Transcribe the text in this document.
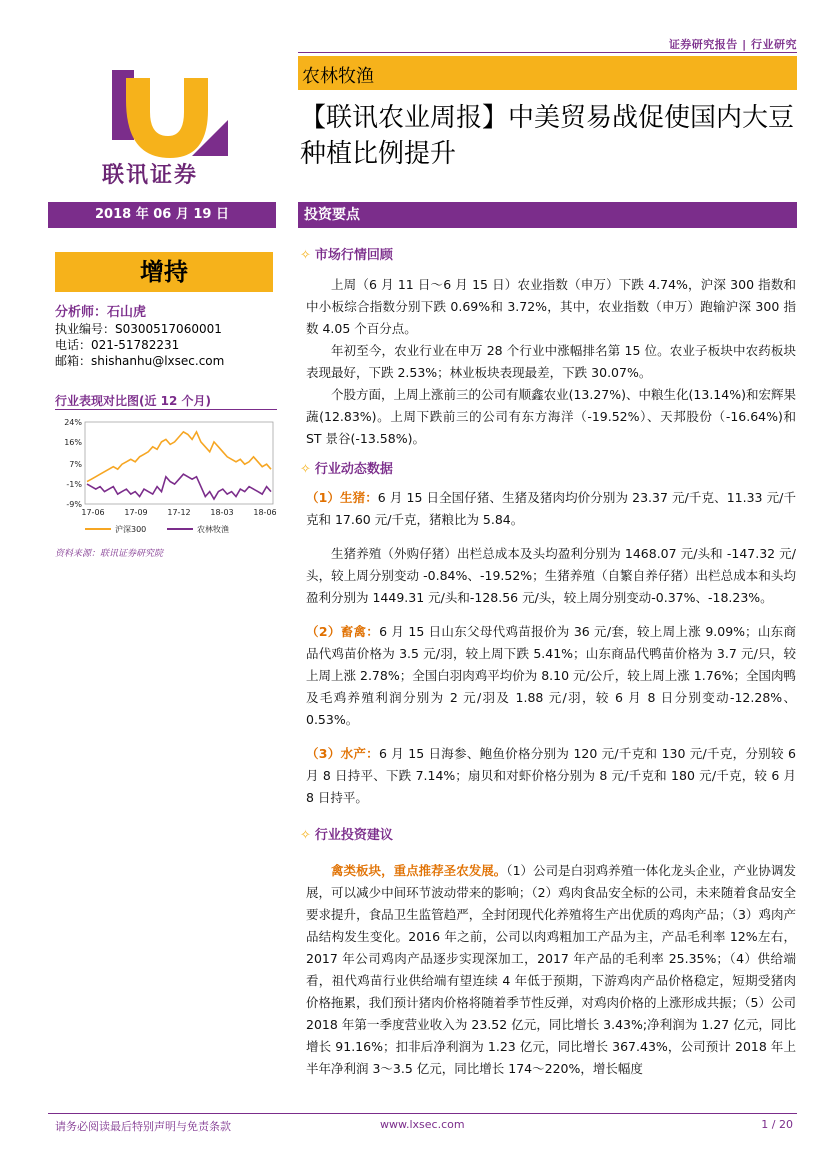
证券研究报告 | 行业研究
农林牧渔
【联讯农业周报】中美贸易战促使国内大豆种植比例提升
联讯证券
2018 年 06 月 19 日	投资要点
增持
分析师：石山虎
执业编号：S0300517060001
电话：021-51782231
邮箱：shishanhu@lxsec.com
行业表现对比图(近 12 个月)
24%
16%
7%
-1%
-9%
17-06 17-09 17-12 18-03 18-06
沪深300	农林牧渔
资料来源：联讯证券研究院
✧ 市场行情回顾

上周（6 月 11 日～6 月 15 日）农业指数（申万）下跌 4.74%，沪深 300 指数和中小板综合指数分别下跌 0.69%和 3.72%，其中，农业指数（申万）跑输沪深 300 指数 4.05 个百分点。

年初至今，农业行业在申万 28 个行业中涨幅排名第 15 位。农业子板块中农药板块表现最好，下跌 2.53%；林业板块表现最差，下跌 30.07%。

个股方面，上周上涨前三的公司有顺鑫农业(13.27%)、中粮生化(13.14%)和宏辉果蔬(12.83%)。上周下跌前三的公司有东方海洋（-19.52%）、天邦股份（-16.64%)和 ST 景谷(-13.58%)。

✧ 行业动态数据

（1）生猪：6 月 15 日全国仔猪、生猪及猪肉均价分别为 23.37 元/千克、11.33 元/千克和 17.60 元/千克，猪粮比为 5.84。

生猪养殖（外购仔猪）出栏总成本及头均盈利分别为 1468.07 元/头和 -147.32 元/头，较上周分别变动 -0.84%、-19.52%；生猪养殖（自繁自养仔猪）出栏总成本和头均盈利分别为 1449.31 元/头和-128.56 元/头，较上周分别变动-0.37%、-18.23%。

（2）畜禽：6 月 15 日山东父母代鸡苗报价为 36 元/套，较上周上涨 9.09%；山东商品代鸡苗价格为 3.5 元/羽，较上周下跌 5.41%；山东商品代鸭苗价格为 3.7 元/只，较上周上涨 2.78%；全国白羽肉鸡平均价为 8.10 元/公斤，较上周上涨 1.76%；全国肉鸭及毛鸡养殖利润分别为 2 元/羽及 1.88 元/羽，较 6 月 8 日分别变动-12.28%、0.53%。

（3）水产：6 月 15 日海参、鲍鱼价格分别为 120 元/千克和 130 元/千克，分别较 6 月 8 日持平、下跌 7.14%；扇贝和对虾价格分别为 8 元/千克和 180 元/千克，较 6 月 8 日持平。

✧ 行业投资建议

禽类板块，重点推荐圣农发展。（1）公司是白羽鸡养殖一体化龙头企业，产业协调发展，可以减少中间环节波动带来的影响；（2）鸡肉食品安全标的公司，未来随着食品安全要求提升，食品卫生监管趋严，全封闭现代化养殖将生产出优质的鸡肉产品；（3）鸡肉产品结构发生变化。2016 年之前，公司以肉鸡粗加工产品为主，产品毛利率 12%左右，2017 年公司鸡肉产品逐步实现深加工，2017 年产品的毛利率 25.35%；（4）供给端看，祖代鸡苗行业供给端有望连续 4 年低于预期，下游鸡肉产品价格稳定，短期受猪肉价格拖累，我们预计猪肉价格将随着季节性反弹，对鸡肉价格的上涨形成共振；（5）公司 2018 年第一季度营业收入为 23.52 亿元，同比增长 3.43%;净利润为 1.27 亿元，同比增长 91.16%；扣非后净利润为 1.23 亿元，同比增长 367.43%，公司预计 2018 年上半年净利润 3～3.5 亿元，同比增长 174～220%，增长幅度

请务必阅读最后特别声明与免责条款	www.lxsec.com	1 / 20
